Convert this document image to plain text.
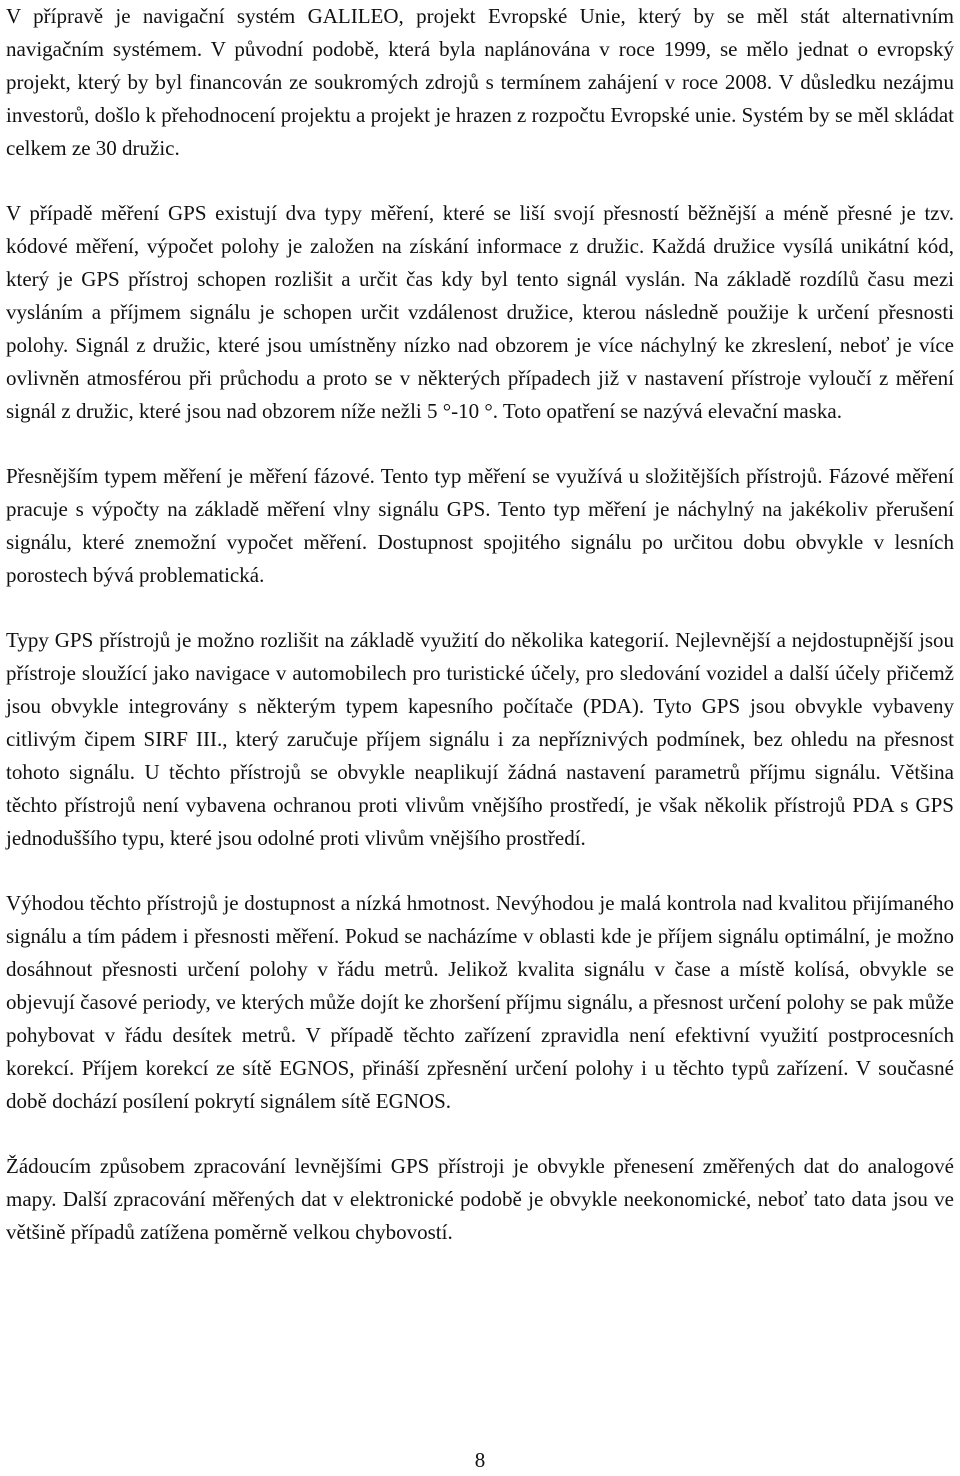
V přípravě je navigační systém GALILEO, projekt Evropské Unie, který by se měl stát alternativním navigačním systémem. V původní podobě, která byla naplánována v roce 1999, se mělo jednat o evropský projekt, který by byl financován ze soukromých zdrojů s termínem zahájení v roce 2008. V důsledku nezájmu investorů, došlo k přehodnocení projektu a projekt je hrazen z rozpočtu Evropské unie. Systém by se měl skládat celkem ze 30 družic.

V případě měření GPS existují dva typy měření, které se liší svojí přesností běžnější a méně přesné je tzv. kódové měření, výpočet polohy je založen na získání informace z družic. Každá družice vysílá unikátní kód, který je GPS přístroj schopen rozlišit a určit čas kdy byl tento signál vyslán. Na základě rozdílů času mezi vysláním a příjmem signálu je schopen určit vzdálenost družice, kterou následně použije k určení přesnosti polohy. Signál z družic, které jsou umístněny nízko nad obzorem je více náchylný ke zkreslení, neboť je více ovlivněn atmosférou při průchodu a proto se v některých případech již v nastavení přístroje vyloučí z měření signál z družic, které jsou nad obzorem níže nežli 5 °-10 °. Toto opatření se nazývá elevační maska.

Přesnějším typem měření je měření fázové. Tento typ měření se využívá u složitějších přístrojů. Fázové měření pracuje s výpočty na základě měření vlny signálu GPS. Tento typ měření je náchylný na jakékoliv přerušení signálu, které znemožní vypočet měření. Dostupnost spojitého signálu po určitou dobu obvykle v lesních porostech bývá problematická.

Typy GPS přístrojů je možno rozlišit na základě využití do několika kategorií. Nejlevnější a nejdostupnější jsou přístroje sloužící jako navigace v automobilech pro turistické účely, pro sledování vozidel a další účely přičemž jsou obvykle integrovány s některým typem kapesního počítače (PDA). Tyto GPS jsou obvykle vybaveny citlivým čipem SIRF III., který zaručuje příjem signálu i za nepříznivých podmínek, bez ohledu na přesnost tohoto signálu. U těchto přístrojů se obvykle neaplikují žádná nastavení parametrů příjmu signálu. Většina těchto přístrojů není vybavena ochranou proti vlivům vnějšího prostředí, je však několik přístrojů PDA s GPS jednoduššího typu, které jsou odolné proti vlivům vnějšího prostředí.

Výhodou těchto přístrojů je dostupnost a nízká hmotnost. Nevýhodou je malá kontrola nad kvalitou přijímaného signálu a tím pádem i přesnosti měření. Pokud se nacházíme v oblasti kde je příjem signálu optimální, je možno dosáhnout přesnosti určení polohy v řádu metrů. Jelikož kvalita signálu v čase a místě kolísá, obvykle se objevují časové periody, ve kterých může dojít ke zhoršení příjmu signálu, a přesnost určení polohy se pak může pohybovat v řádu desítek metrů. V případě těchto zařízení zpravidla není efektivní využití postprocesních korekcí. Příjem korekcí ze sítě EGNOS, přináší zpřesnění určení polohy i u těchto typů zařízení. V současné době dochází posílení pokrytí signálem sítě EGNOS.

Žádoucím způsobem zpracování levnějšími GPS přístroji je obvykle přenesení změřených dat do analogové mapy. Další zpracování měřených dat v elektronické podobě je obvykle neekonomické, neboť tato data jsou ve většině případů zatížena poměrně velkou chybovostí.

8
